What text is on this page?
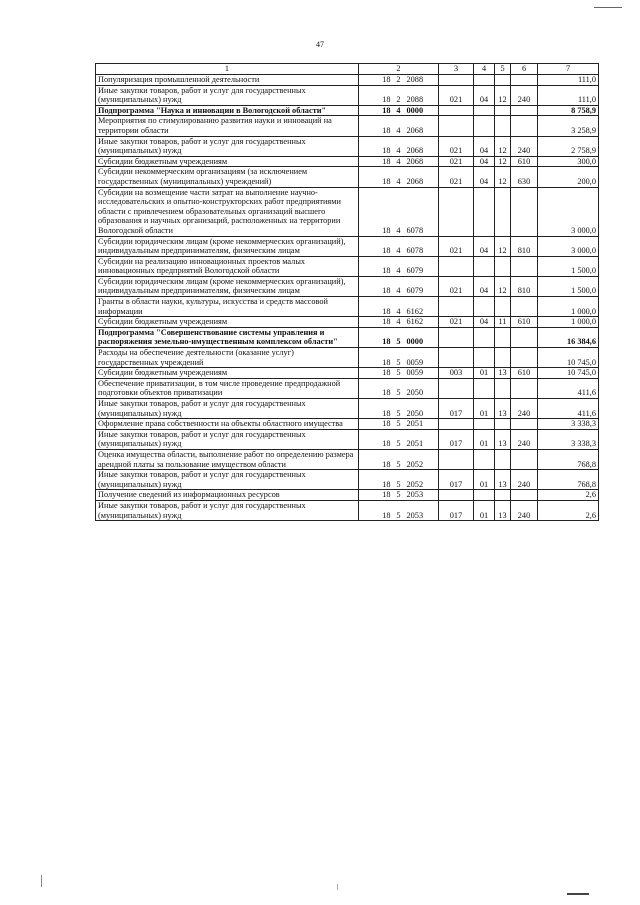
47
1	2			3	4	5	6	7
Популяризация промышленной деятельности	18	2	2088					111,0
Иные закупки товаров, работ и услуг для государственных (муниципальных) нужд	18	2	2088	021	04	12	240	111,0
Подпрограмма "Наука и инновации в Вологодской области"	18	4	0000					8 758,9
Мероприятия по стимулированию развития науки и инноваций на территории области	18	4	2068					3 258,9
Иные закупки товаров, работ и услуг для государственных (муниципальных) нужд	18	4	2068	021	04	12	240	2 758,9
Субсидии бюджетным учреждениям	18	4	2068	021	04	12	610	300,0
Субсидии некоммерческим организациям (за исключением государственных (муниципальных) учреждений)	18	4	2068	021	04	12	630	200,0
Субсидии на возмещение части затрат на выполнение научно-исследовательских и опытно-конструкторских работ предприятиями области с привлечением образовательных организаций высшего образования и научных организаций, расположенных на территории Вологодской области	18	4	6078					3 000,0
Субсидии юридическим лицам (кроме некоммерческих организаций), индивидуальным предпринимателям, физическим лицам	18	4	6078	021	04	12	810	3 000,0
Субсидии на реализацию инновационных проектов малых инновационных предприятий Вологодской области	18	4	6079					1 500,0
Субсидии юридическим лицам (кроме некоммерческих организаций), индивидуальным предпринимателям, физическим лицам	18	4	6079	021	04	12	810	1 500,0
Гранты в области науки, культуры, искусства и средств массовой информации	18	4	6162					1 000,0
Субсидии бюджетным учреждениям	18	4	6162	021	04	11	610	1 000,0
Подпрограмма "Совершенствование системы управления и распоряжения земельно-имущественным комплексом области"	18	5	0000					16 384,6
Расходы на обеспечение деятельности (оказание услуг) государственных учреждений	18	5	0059					10 745,0
Субсидии бюджетным учреждениям	18	5	0059	003	01	13	610	10 745,0
Обеспечение приватизации, в том числе проведение предпродажной подготовки объектов приватизации	18	5	2050					411,6
Иные закупки товаров, работ и услуг для государственных (муниципальных) нужд	18	5	2050	017	01	13	240	411,6
Оформление права собственности на объекты областного имущества	18	5	2051					3 338,3
Иные закупки товаров, работ и услуг для государственных (муниципальных) нужд	18	5	2051	017	01	13	240	3 338,3
Оценка имущества области, выполнение работ по определению размера арендной платы за пользование имуществом области	18	5	2052					768,8
Иные закупки товаров, работ и услуг для государственных (муниципальных) нужд	18	5	2052	017	01	13	240	768,8
Получение сведений из информационных ресурсов	18	5	2053					2,6
Иные закупки товаров, работ и услуг для государственных (муниципальных) нужд	18	5	2053	017	01	13	240	2,6
